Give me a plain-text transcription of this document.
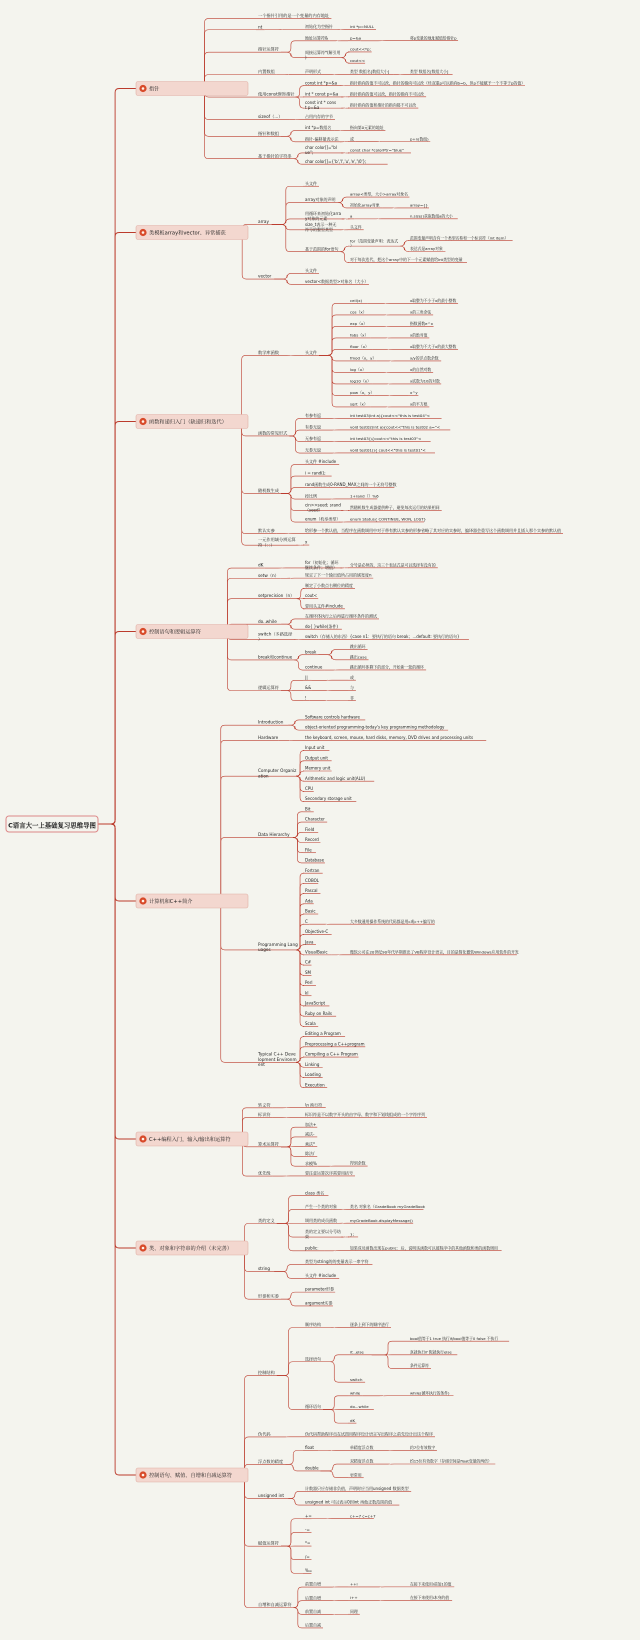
C语言大一上基础复习思维导图
指针
一个指针引用的是一个变量的内存地址
nt	初始化为空指针	int *p=NULL
指针运算符
地址运算符&	p=&a	将p变量的地址赋值给指针p
间接运算符*(解引用
)
cout<<*p;
cout<<
内置数组	声明形式	类型 数组名[数组大小]	类型 数组名[数组大小]
使用const修饰指针
const int *p=&a	指针指向的值不可以改，指针的指向可以改（经双重p可以指向b=b，但p不能赋予一个不等于p的值）
int * const p=&a	指针指向的值可以改，指针的指向不可以改
const int * cons
t p=&a
指针指向的值和指针的指向都不可以改
sizeof（...）	占用内存的字节
指针和数组
int *p=数组名	指向第0元素的地址
指针-偏移量表示法	或	p+n(数组)
基于指针的字符串
char color[]="bl
ue";
const char *colorPtr="blue"
char color[]={'b','l','u','e','\0'};
类模板array和vector、异常捕获
array
头文件
array对象的声明
array<类型，大小>array对象名
初始化array对象	array={}
用循环来初始化arra
y对象的元素
a	n.size()获取数组a的大小
size_t表示一种无
符号的整型类型
头文件
基于范围的for语句
for（范围变量声明：表达式
）
范围变量声明含有一个类型名称和一个标识符（int item）
表达式是array对象
对于每次迭代，把这个array中的下一个元素赋值给int类型的变量
vector
头文件
vector<数据类型>对象名（大小）
函数和递归入门（缺递归和迭代）
数学库函数	头文件
ceil(x)	x取整为不小于x的最小整数
cos（x）	x的三角余弦
exp（x）	指数函数e^x
fabs（x）	x的绝对值
floor（x）	x取整为不大于x的最大整数
fmod（x，y）	x/y的浮点数余数
log（x）	x的自然对数
log10（x）	x底数为10的对数
pow（x，y）	x^y
sqrt（x）	x的平方根
函数的常见形式
有参有返	int test03(int a){cout<<"this is test04"<
有参无返	void test02(int a){cout<<"this is test02 a="<
无参有返	int test03(){cout<<"this is test03"<
无参无返	void test01(){ cout<<"this is test01"<
随机数生成
头文件 #include
i = rand();
rand函数生成0-RAND_MAX之间的一个无符号整数
按比例	1+rand（）%6
cin>>seed; srand
（seed）
然随机数生成器提供种子，避免每次运行的结果相同
enum（枚举类型） enum Status{ CONTINUE, WON, LOST}
默认实参	给形参一个默认值，当程序在函数调用中对于带有默认实参的形参省略了其对应的实参时，编译器会重写这个函数调用并且插入那个实参的默认值
一元作用域分辨运算
符（：：）
x
控制语句和逻辑运算符
dK
for（初始化；循环
继续条件；增值）
分号是必须的，这三个表达式是可以选择有没有的
setw（n）	规定了下一个输出值所占用的域宽度n
setprecision（n）
制定了小数点右侧位的精度
cout<
要用头文件#include
do..while
在循环体执行之后再进行循环条件的测试
do{ }while(条件)
switch（多路选择
）
switch（存储入的东西）{case n1：要执行的语句 break；...default: 要执行的语句}
break和continue
break
跳出循环
跳出case
continue	跳出循环体剩下的部分，开始新一轮的循环
逻辑运算符
||	或
&&	与
!	非
计算机和C++简介
Introduction
Software controls hardware
object-oriented programming-today's key programming methodology
Hardware	the keyboard, screen, mouse, hard disks, memory, DVD drives and processing units
Computer Organiz
ation
Input unit
Output unit
Memory unit
Arithmetic and logic unit(ALU)
CPU
Secondary storage unit
Data Hierarchy
Bit
Character
Field
Record
File
Database
Programming Lang
uages
Fortran
COBOL
Pascal
Ada
Basic
C	大多数通用操作系统的代码都是用c或c++编写的
Objective-C
Java
VisualBasic	微软公司在20世纪90年代早期推出了VB程序设计语言，目的是简化微软Windows应用软件的开发
C#
SM
Perl
kl
JavaScript
Ruby on Rails
Scala
Typical C++ Deve
lopment Environm
ent
Editing a Program
Preprocessing a C++program
Compiling a C++ Program
Linking
Loading
Execution
C++编程入门，输入/输出和运算符
转义符	\n 换行符
标识符	标识符是不以数字开头的由字母、数字和下划线组成的一个字符序列
算术运算符
加法+
减法-
乘法*
除法/
求模%	得到余数
优先级	要注意运算次序需要用括号
类、对象和字符串的介绍（未完善）
类的定义
class 类名
产生一个类的对象	类名 对象名（GradeBook myGradeBook
调用类的成员函数	myGradeBook.displayMessage()
类的定义要以分号结
束
}；
public：	如果成员函数出现在public：后，说明该函数可以被程序中的其他函数和类的函数调用
string
类型为string的的变量表示一串字符
头文件 #include
形参和实参
parameter形参
argument实参
控制语句、赋值、自增和自减运算符
控制结构
顺序结构	逐条上到下的顺序进行
选择语句
if...else
bool值等于1 true 执行if/bool值等于0 false 不执行
真就执行if 假就执行else
条件运算符
switch
循环语句
while	while(循环执行的条件)
do...while
dK
伪代码	伪代码帮助程序员在试图用程序设计语言写出程序之前先设计出这个程序
浮点数的精度
float	单精度浮点数	约7位有效数字
double
双精度浮点数	约15位有效数字（存储空间是float变量的两倍）
更常用
unsigned int
计数器只应存储非负值，声明时应当用unsigned 数据类型
unsigned int 可以表示0到int 再他正数范围的值
赋值运算符
+=	c+=7 c=c+7
-=
*=
/=
%=
自增和自减运算符
前置自增	++i	在接下来使用i前加1的值
后置自增	i++	在接下来使用i本身的值
前置自减	同理
后置自减
